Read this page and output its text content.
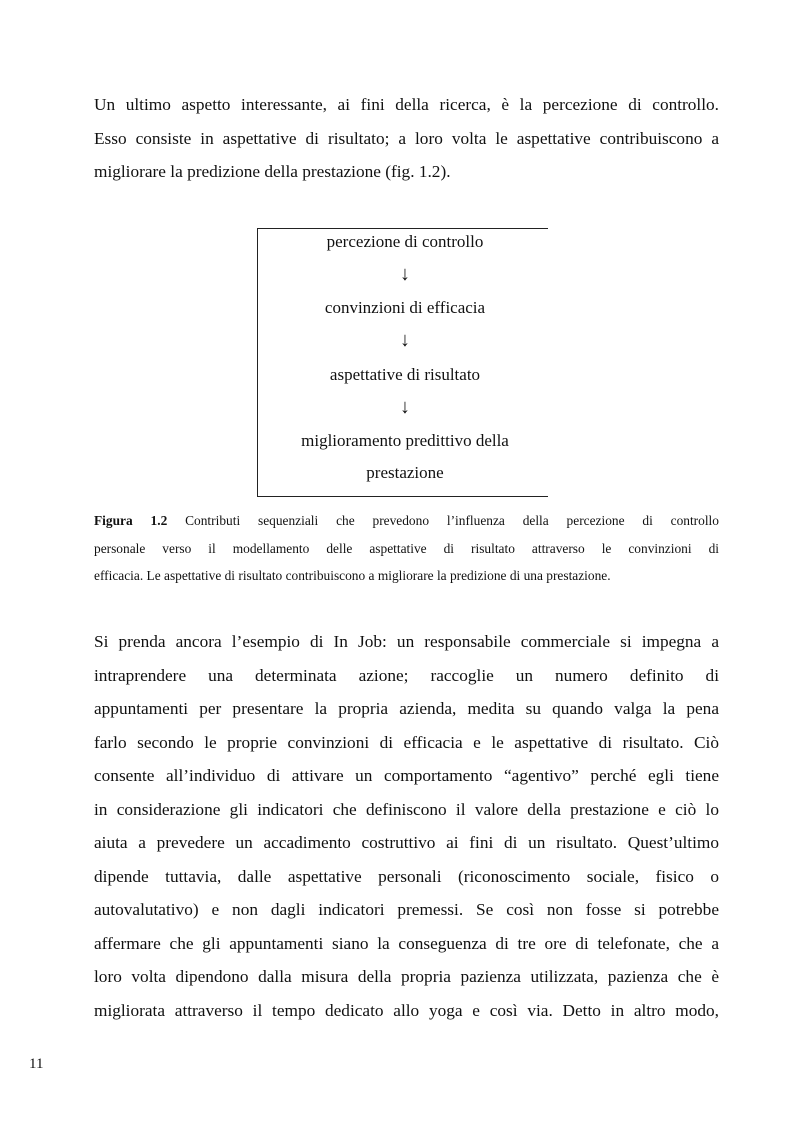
Un ultimo aspetto interessante, ai fini della ricerca, è la percezione di controllo.
Esso consiste in aspettative di risultato; a loro volta le aspettative contribuiscono a
migliorare la predizione della prestazione (fig. 1.2).
percezione di controllo
↓
convinzioni di efficacia
↓
aspettative di risultato
↓
miglioramento predittivo della
prestazione
Figura 1.2 Contributi sequenziali che prevedono l’influenza della percezione di controllo
personale verso il modellamento delle aspettative di risultato attraverso le convinzioni di
efficacia. Le aspettative di risultato contribuiscono a migliorare la predizione di una prestazione.
Si prenda ancora l’esempio di In Job: un responsabile commerciale si impegna a
intraprendere una determinata azione; raccoglie un numero definito di
appuntamenti per presentare la propria azienda, medita su quando valga la pena
farlo secondo le proprie convinzioni di efficacia e le aspettative di risultato. Ciò
consente all’individuo di attivare un comportamento “agentivo” perché egli tiene
in considerazione gli indicatori che definiscono il valore della prestazione e ciò lo
aiuta a prevedere un accadimento costruttivo ai fini di un risultato. Quest’ultimo
dipende tuttavia, dalle aspettative personali (riconoscimento sociale, fisico o
autovalutativo) e non dagli indicatori premessi. Se così non fosse si potrebbe
affermare che gli appuntamenti siano la conseguenza di tre ore di telefonate, che a
loro volta dipendono dalla misura della propria pazienza utilizzata, pazienza che è
migliorata attraverso il tempo dedicato allo yoga e così via. Detto in altro modo,
11
